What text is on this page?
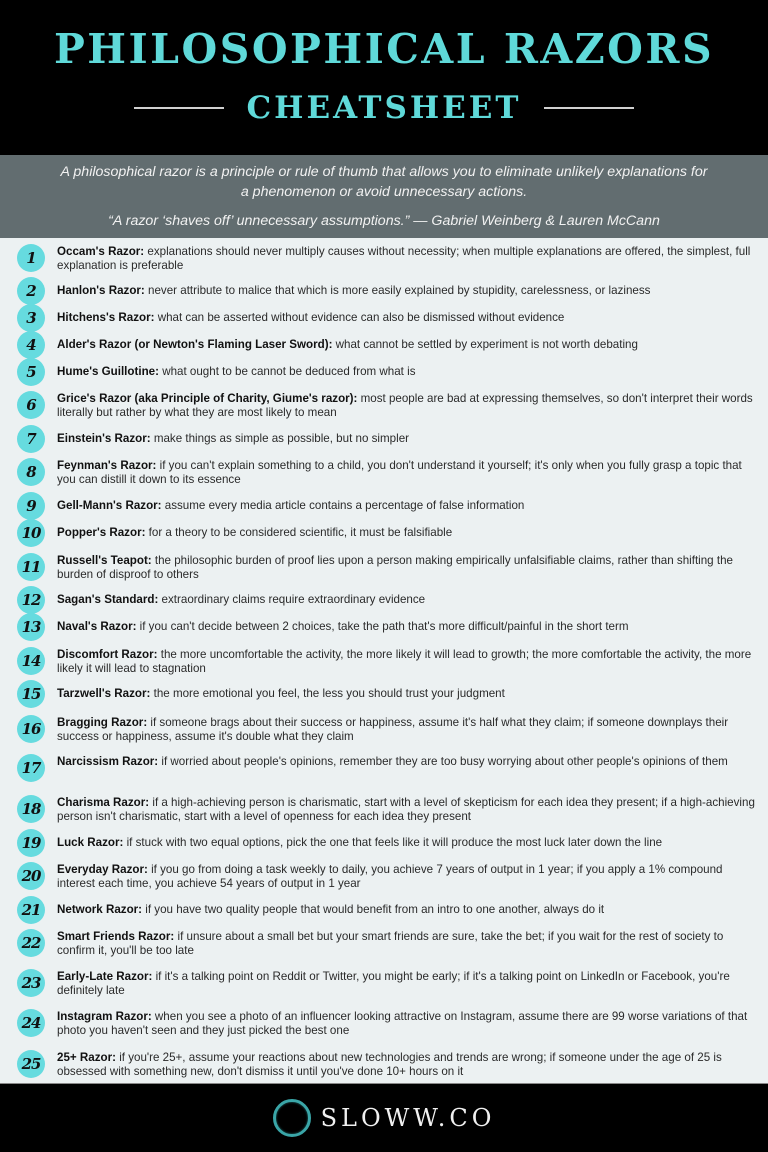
PHILOSOPHICAL RAZORS
CHEATSHEET
A philosophical razor is a principle or rule of thumb that allows you to eliminate unlikely explanations for a phenomenon or avoid unnecessary actions.
“A razor ‘shaves off’ unnecessary assumptions.” — Gabriel Weinberg & Lauren McCann
1	Occam's Razor: explanations should never multiply causes without necessity; when multiple explanations are offered, the simplest, full explanation is preferable
2	Hanlon's Razor: never attribute to malice that which is more easily explained by stupidity, carelessness, or laziness
3	Hitchens's Razor: what can be asserted without evidence can also be dismissed without evidence
4	Alder's Razor (or Newton's Flaming Laser Sword): what cannot be settled by experiment is not worth debating
5	Hume's Guillotine: what ought to be cannot be deduced from what is
6	Grice's Razor (aka Principle of Charity, Giume's razor): most people are bad at expressing themselves, so don't interpret their words literally but rather by what they are most likely to mean
7	Einstein's Razor: make things as simple as possible, but no simpler
8	Feynman's Razor: if you can't explain something to a child, you don't understand it yourself; it's only when you fully grasp a topic that you can distill it down to its essence
9	Gell-Mann's Razor: assume every media article contains a percentage of false information
10	Popper's Razor: for a theory to be considered scientific, it must be falsifiable
11	Russell's Teapot: the philosophic burden of proof lies upon a person making empirically unfalsifiable claims, rather than shifting the burden of disproof to others
12	Sagan's Standard: extraordinary claims require extraordinary evidence
13	Naval's Razor: if you can't decide between 2 choices, take the path that's more difficult/painful in the short term
14	Discomfort Razor: the more uncomfortable the activity, the more likely it will lead to growth; the more comfortable the activity, the more likely it will lead to stagnation
15	Tarzwell's Razor: the more emotional you feel, the less you should trust your judgment
16	Bragging Razor: if someone brags about their success or happiness, assume it's half what they claim; if someone downplays their success or happiness, assume it's double what they claim
17	Narcissism Razor: if worried about people's opinions, remember they are too busy worrying about other people's opinions of them
18	Charisma Razor: if a high-achieving person is charismatic, start with a level of skepticism for each idea they present; if a high-achieving person isn't charismatic, start with a level of openness for each idea they present
19	Luck Razor: if stuck with two equal options, pick the one that feels like it will produce the most luck later down the line
20	Everyday Razor: if you go from doing a task weekly to daily, you achieve 7 years of output in 1 year; if you apply a 1% compound interest each time, you achieve 54 years of output in 1 year
21	Network Razor: if you have two quality people that would benefit from an intro to one another, always do it
22	Smart Friends Razor: if unsure about a small bet but your smart friends are sure, take the bet; if you wait for the rest of society to confirm it, you'll be too late
23	Early-Late Razor: if it's a talking point on Reddit or Twitter, you might be early; if it's a talking point on LinkedIn or Facebook, you're definitely late
24	Instagram Razor: when you see a photo of an influencer looking attractive on Instagram, assume there are 99 worse variations of that photo you haven't seen and they just picked the best one
25	25+ Razor: if you're 25+, assume your reactions about new technologies and trends are wrong; if someone under the age of 25 is obsessed with something new, don't dismiss it until you've done 10+ hours on it
SLOWW.CO
